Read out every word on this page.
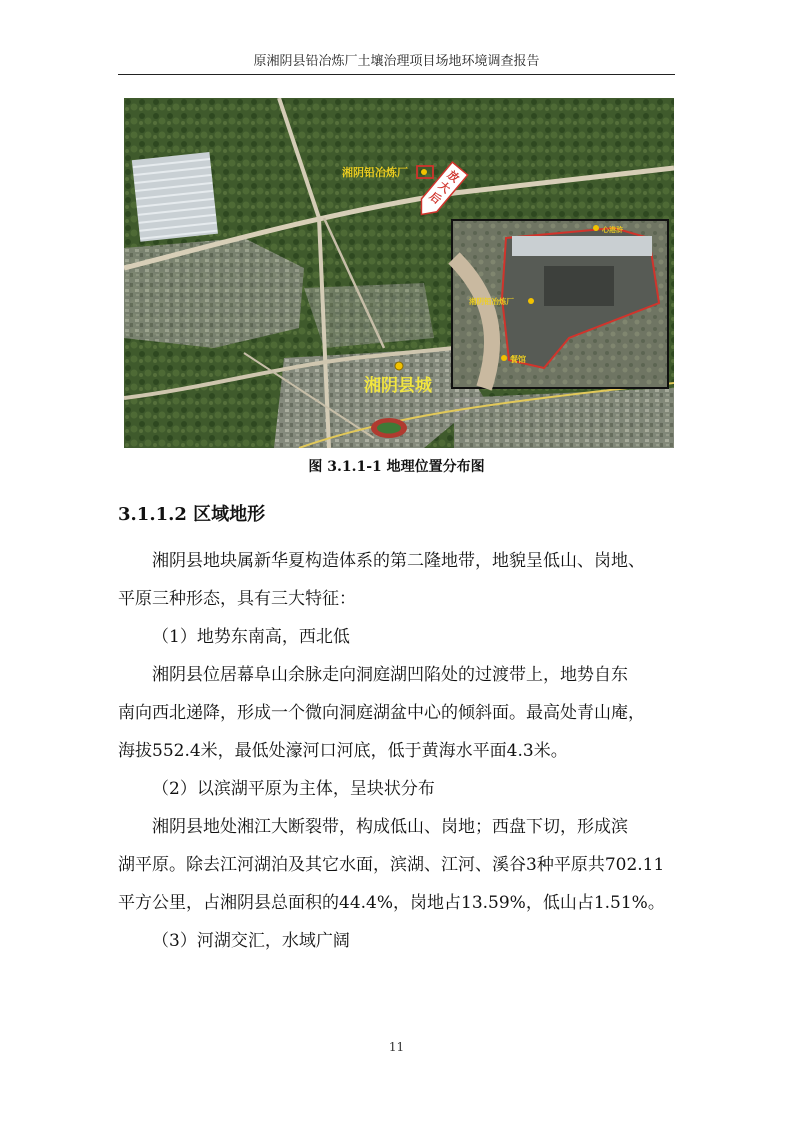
原湘阴县铅冶炼厂土壤治理项目场地环境调查报告
湘阴铅冶炼厂	放
大
后
湘阴县城
心港浒
湘阴铅冶炼厂
餐馆
图 3.1.1-1 地理位置分布图
3.1.1.2 区域地形
湘阴县地块属新华夏构造体系的第二隆地带，地貌呈低山、岗地、
平原三种形态，具有三大特征：
（1）地势东南高，西北低
湘阴县位居幕阜山余脉走向洞庭湖凹陷处的过渡带上，地势自东
南向西北递降，形成一个微向洞庭湖盆中心的倾斜面。最高处青山庵，
海拔552.4米，最低处濠河口河底，低于黄海水平面4.3米。
（2）以滨湖平原为主体，呈块状分布
湘阴县地处湘江大断裂带，构成低山、岗地；西盘下切，形成滨
湖平原。除去江河湖泊及其它水面，滨湖、江河、溪谷3种平原共702.11
平方公里，占湘阴县总面积的44.4%，岗地占13.59%，低山占1.51%。
（3）河湖交汇，水域广阔
11
